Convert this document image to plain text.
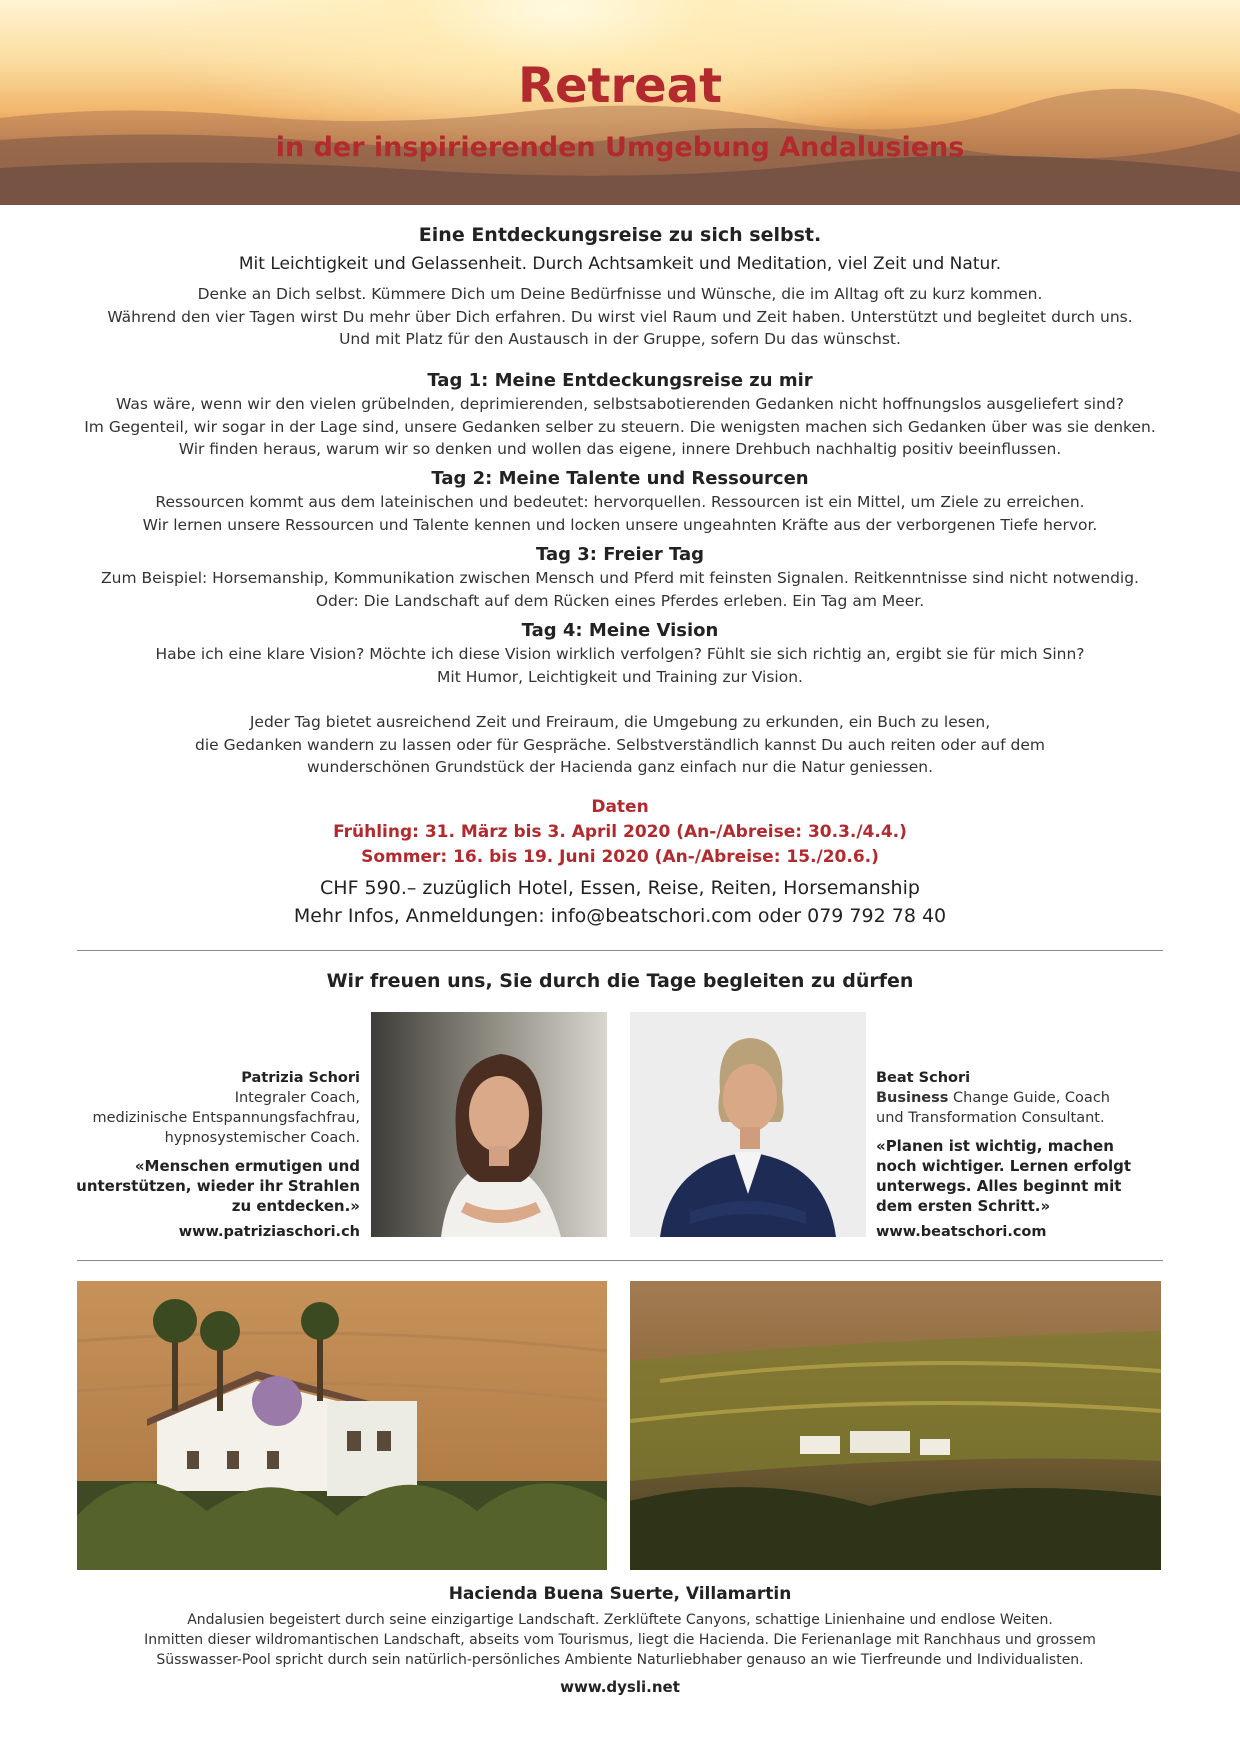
Retreat
in der inspirierenden Umgebung Andalusiens
Eine Entdeckungsreise zu sich selbst.
Mit Leichtigkeit und Gelassenheit. Durch Achtsamkeit und Meditation, viel Zeit und Natur.
Denke an Dich selbst. Kümmere Dich um Deine Bedürfnisse und Wünsche, die im Alltag oft zu kurz kommen.
Während den vier Tagen wirst Du mehr über Dich erfahren. Du wirst viel Raum und Zeit haben. Unterstützt und begleitet durch uns.
Und mit Platz für den Austausch in der Gruppe, sofern Du das wünschst.
Tag 1: Meine Entdeckungsreise zu mir
Was wäre, wenn wir den vielen grübelnden, deprimierenden, selbstsabotierenden Gedanken nicht hoffnungslos ausgeliefert sind?
Im Gegenteil, wir sogar in der Lage sind, unsere Gedanken selber zu steuern. Die wenigsten machen sich Gedanken über was sie denken.
Wir finden heraus, warum wir so denken und wollen das eigene, innere Drehbuch nachhaltig positiv beeinflussen.
Tag 2: Meine Talente und Ressourcen
Ressourcen kommt aus dem lateinischen und bedeutet: hervorquellen. Ressourcen ist ein Mittel, um Ziele zu erreichen.
Wir lernen unsere Ressourcen und Talente kennen und locken unsere ungeahnten Kräfte aus der verborgenen Tiefe hervor.
Tag 3: Freier Tag
Zum Beispiel: Horsemanship, Kommunikation zwischen Mensch und Pferd mit feinsten Signalen. Reitkenntnisse sind nicht notwendig.
Oder: Die Landschaft auf dem Rücken eines Pferdes erleben. Ein Tag am Meer.
Tag 4: Meine Vision
Habe ich eine klare Vision? Möchte ich diese Vision wirklich verfolgen? Fühlt sie sich richtig an, ergibt sie für mich Sinn?
Mit Humor, Leichtigkeit und Training zur Vision.
Jeder Tag bietet ausreichend Zeit und Freiraum, die Umgebung zu erkunden, ein Buch zu lesen,
die Gedanken wandern zu lassen oder für Gespräche. Selbstverständlich kannst Du auch reiten oder auf dem
wunderschönen Grundstück der Hacienda ganz einfach nur die Natur geniessen.
Daten
Frühling: 31. März bis 3. April 2020 (An-/Abreise: 30.3./4.4.)
Sommer: 16. bis 19. Juni 2020 (An-/Abreise: 15./20.6.)
CHF 590.– zuzüglich Hotel, Essen, Reise, Reiten, Horsemanship
Mehr Infos, Anmeldungen: info@beatschori.com oder 079 792 78 40
Wir freuen uns, Sie durch die Tage begleiten zu dürfen
Patrizia Schori
Integraler Coach,
medizinische Entspannungsfachfrau,
hypnosystemischer Coach.
«Menschen ermutigen und
unterstützen, wieder ihr Strahlen
zu entdecken.»
www.patriziaschori.ch
Beat Schori
Business Change Guide, Coach
und Transformation Consultant.
«Planen ist wichtig, machen
noch wichtiger. Lernen erfolgt
unterwegs. Alles beginnt mit
dem ersten Schritt.»
www.beatschori.com
Hacienda Buena Suerte, Villamartin
Andalusien begeistert durch seine einzigartige Landschaft. Zerklüftete Canyons, schattige Linienhaine und endlose Weiten.
Inmitten dieser wildromantischen Landschaft, abseits vom Tourismus, liegt die Hacienda. Die Ferienanlage mit Ranchhaus und grossem
Süsswasser-Pool spricht durch sein natürlich-persönliches Ambiente Naturliebhaber genauso an wie Tierfreunde und Individualisten.
www.dysli.net
